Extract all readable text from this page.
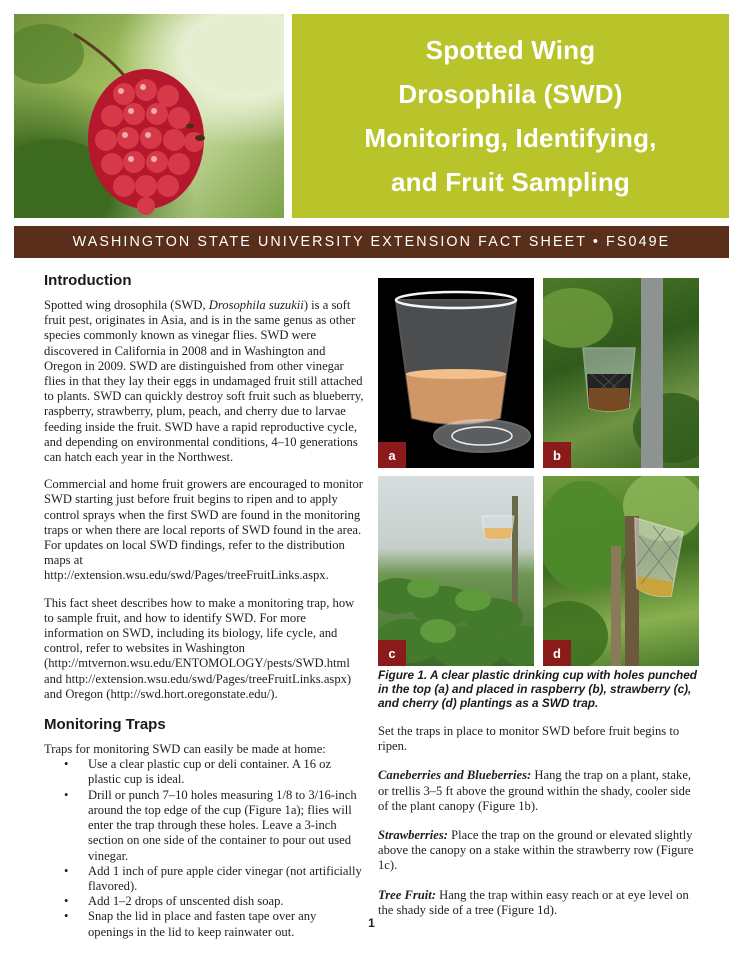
Spotted Wing
Drosophila (SWD)
Monitoring, Identifying,
and Fruit Sampling
WASHINGTON STATE UNIVERSITY EXTENSION FACT SHEET • FS049E
Introduction

Spotted wing drosophila (SWD, Drosophila suzukii) is a soft fruit pest, originates in Asia, and is in the same genus as other species commonly known as vinegar flies. SWD were discovered in California in 2008 and in Washington and Oregon in 2009. SWD are distinguished from other vinegar flies in that they lay their eggs in undamaged fruit still attached to plants. SWD can quickly destroy soft fruit such as blueberry, raspberry, strawberry, plum, peach, and cherry due to larvae feeding inside the fruit. SWD have a rapid reproductive cycle, and depending on environmental conditions, 4–10 generations can hatch each year in the Northwest.

Commercial and home fruit growers are encouraged to monitor SWD starting just before fruit begins to ripen and to apply control sprays when the first SWD are found in the monitoring traps or when there are local reports of SWD found in the area. For updates on local SWD findings, refer to the distribution maps at http://extension.wsu.edu/swd/Pages/treeFruitLinks.aspx.

This fact sheet describes how to make a monitoring trap, how to sample fruit, and how to identify SWD. For more information on SWD, including its biology, life cycle, and control, refer to websites in Washington (http://mtvernon.wsu.edu/ENTOMOLOGY/pests/SWD.html and http://extension.wsu.edu/swd/Pages/treeFruitLinks.aspx) and Oregon (http://swd.hort.oregonstate.edu/).

Monitoring Traps

Traps for monitoring SWD can easily be made at home:

• Use a clear plastic cup or deli container. A 16 oz plastic cup is ideal.
• Drill or punch 7–10 holes measuring 1/8 to 3/16-inch around the top edge of the cup (Figure 1a); flies will enter the trap through these holes. Leave a 3-inch section on one side of the container to pour out used vinegar.
• Add 1 inch of pure apple cider vinegar (not artificially flavored).
• Add 1–2 drops of unscented dish soap.
• Snap the lid in place and fasten tape over any openings in the lid to keep rainwater out.
a	b
c	d

Figure 1. A clear plastic drinking cup with holes punched in the top (a) and placed in raspberry (b), strawberry (c), and cherry (d) plantings as a SWD trap.

Set the traps in place to monitor SWD before fruit begins to ripen.

Caneberries and Blueberries: Hang the trap on a plant, stake, or trellis 3–5 ft above the ground within the shady, cooler side of the plant canopy (Figure 1b).

Strawberries: Place the trap on the ground or elevated slightly above the canopy on a stake within the strawberry row (Figure 1c).

Tree Fruit: Hang the trap within easy reach or at eye level on the shady side of a tree (Figure 1d).

1
